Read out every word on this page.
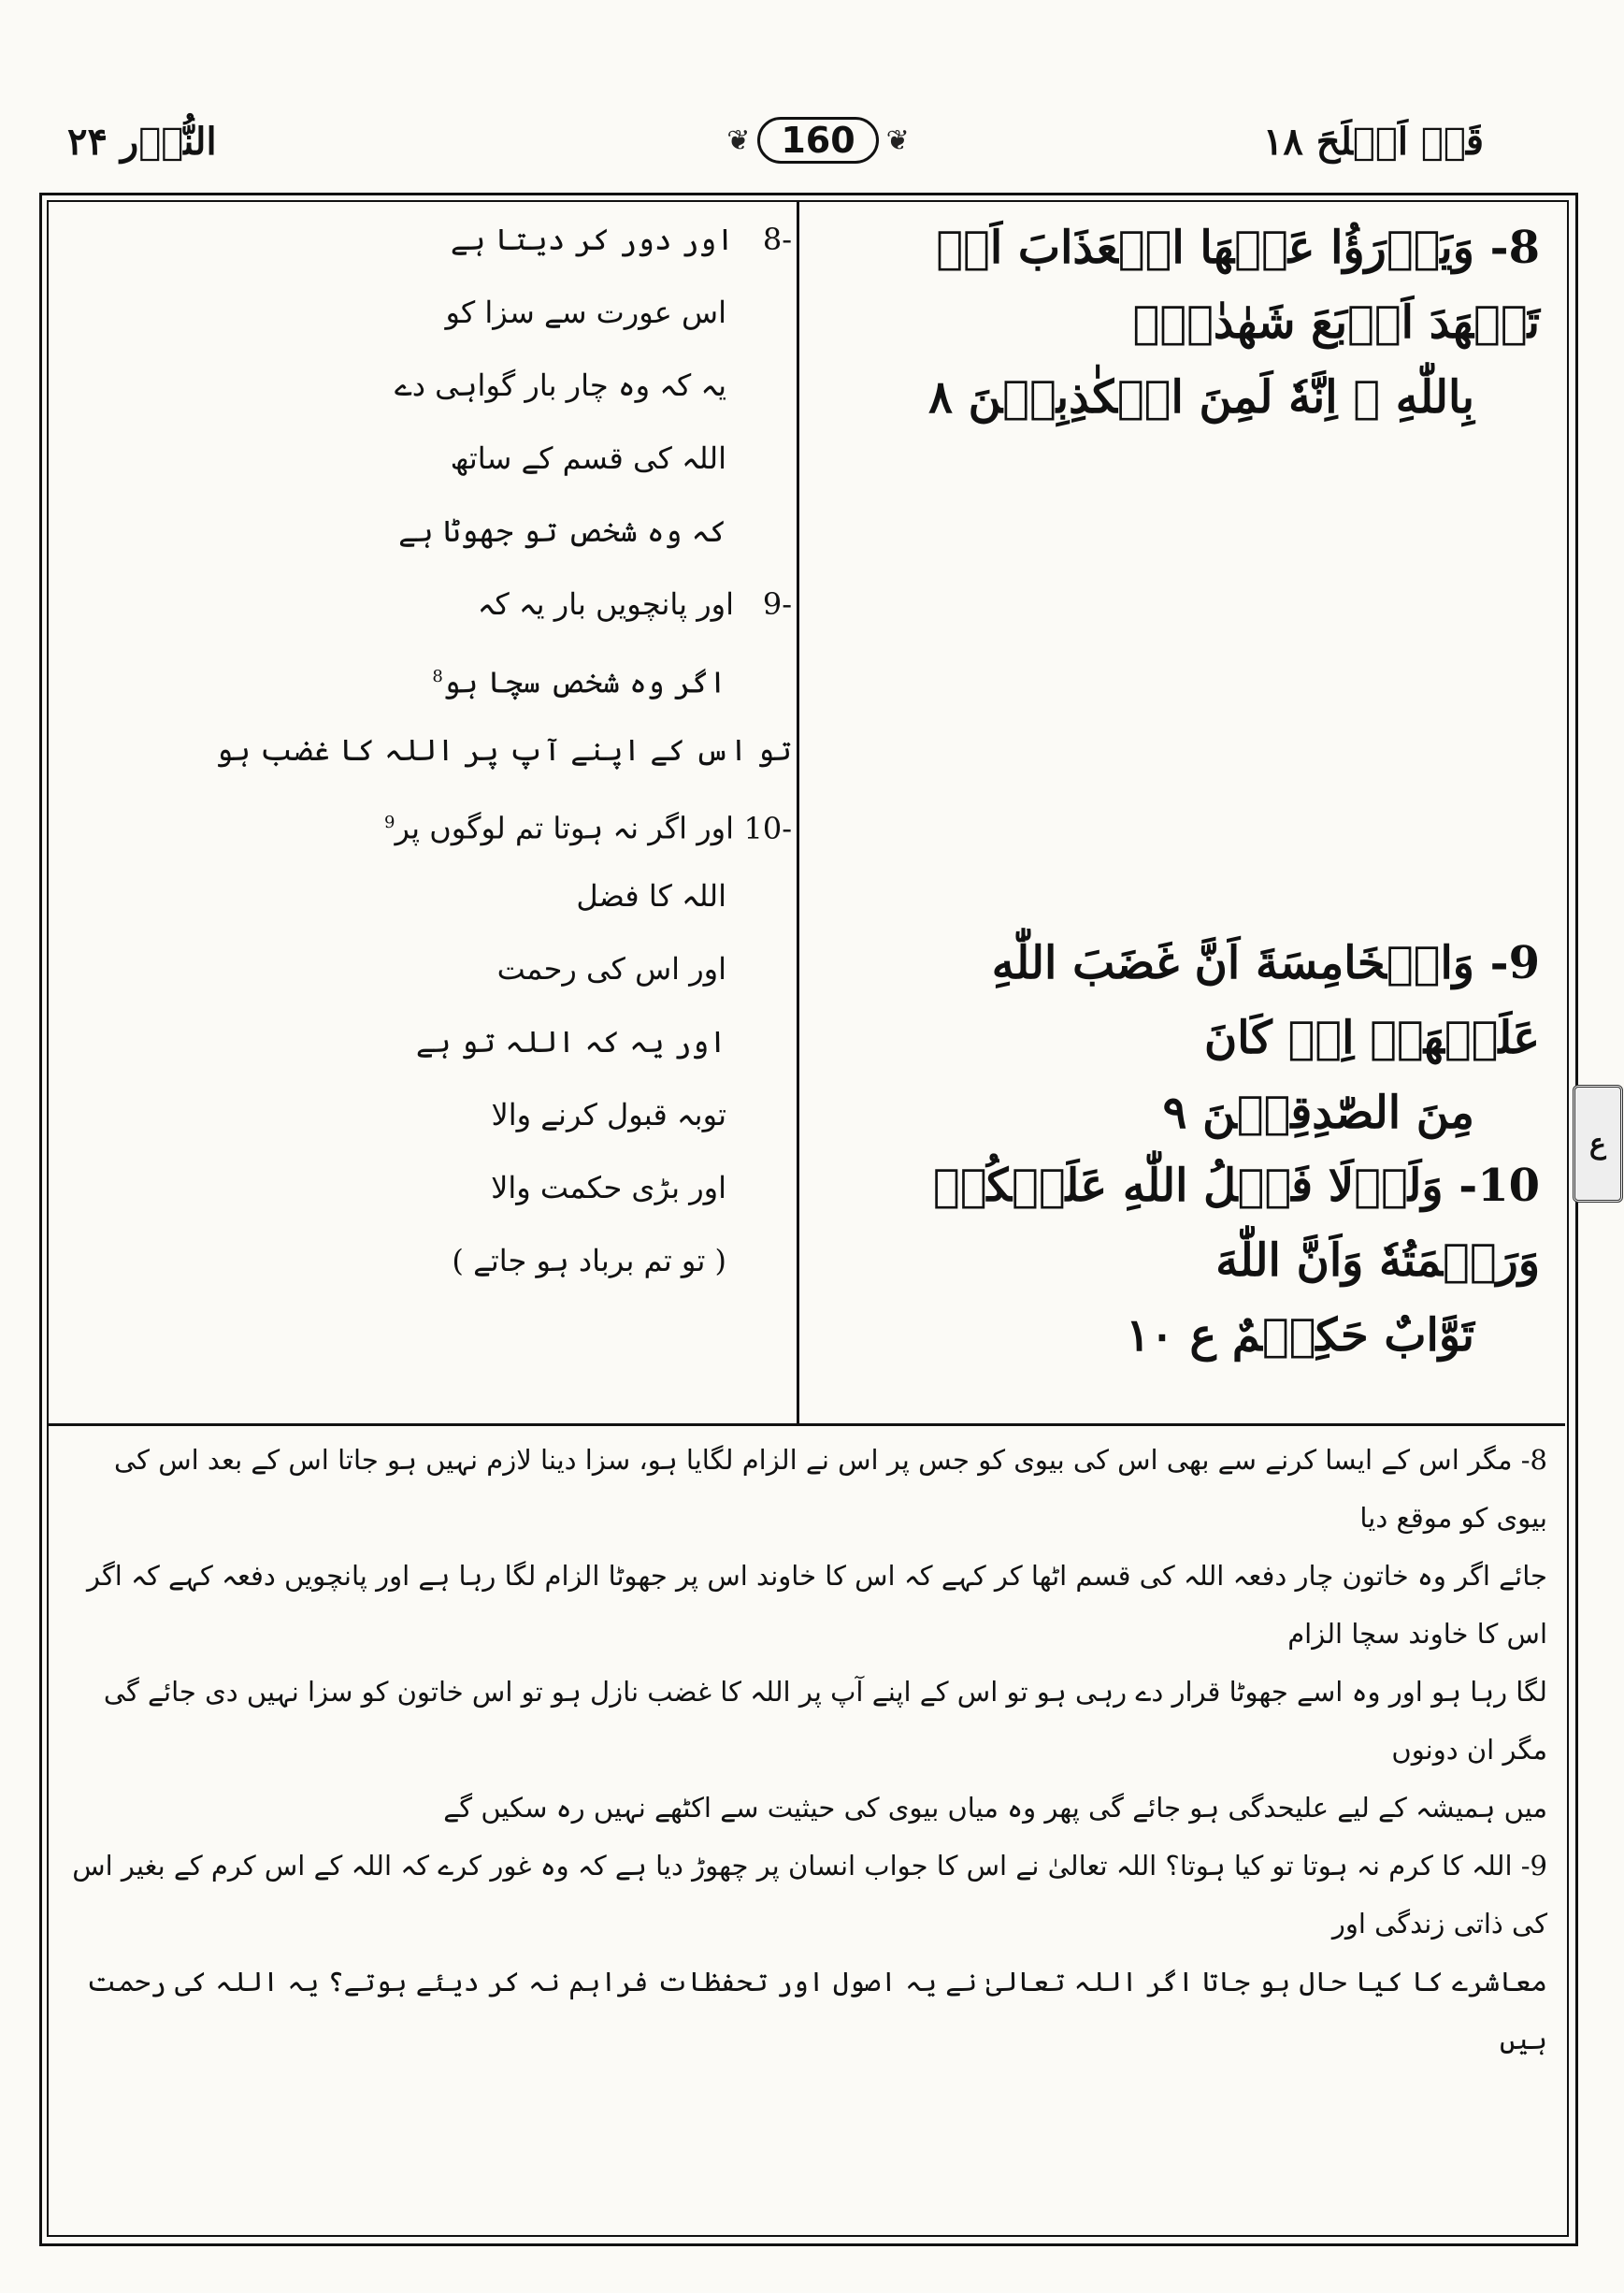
النُّوۡر ۲۴	❦ 160	❦	قَدۡ اَفۡلَحَ ١٨
8- وَيَدۡرَؤُا عَنۡهَا الۡعَذَابَ اَنۡ تَشۡهَدَ اَرۡبَعَ شَهٰدٰتٍۢ
بِاللّٰهِ ۙ اِنَّهٗ لَمِنَ الۡكٰذِبِيۡنَ ۸
9- وَالۡخَامِسَةَ اَنَّ غَضَبَ اللّٰهِ عَلَيۡهَاۤ اِنۡ كَانَ
مِنَ الصّٰدِقِيۡنَ ۹
10- وَلَوۡلَا فَضۡلُ اللّٰهِ عَلَيۡكُمۡ وَرَحۡمَتُهٗ وَاَنَّ اللّٰهَ
تَوَّابٌ حَكِيۡمٌ ع ۱۰
-8اور دور کر دیتا ہے
اس عورت سے سزا کو
یہ کہ وہ چار بار گواہی دے
اللہ کی قسم کے ساتھ
کہ وہ شخص تو جھوٹا ہے
-9اور پانچویں بار یہ کہ
اگر وہ شخص سچا ہو$^8$
تو اس کے اپنے آپ پر اللہ کا غضب ہو
-10اور اگر نہ ہوتا تم لوگوں پر$^9$
اللہ کا فضل
اور اس کی رحمت
اور یہ کہ اللہ تو ہے
توبہ قبول کرنے والا
اور بڑی حکمت والا
( تو تم برباد ہو جاتے )
ع

8- مگر اس کے ایسا کرنے سے بھی اس کی بیوی کو جس پر اس نے الزام لگایا ہو، سزا دینا لازم نہیں ہو جاتا اس کے بعد اس کی بیوی کو موقع دیا

جائے اگر وہ خاتون چار دفعہ اللہ کی قسم اٹھا کر کہے کہ اس کا خاوند اس پر جھوٹا الزام لگا رہا ہے اور پانچویں دفعہ کہے کہ اگر اس کا خاوند سچا الزام

لگا رہا ہو اور وہ اسے جھوٹا قرار دے رہی ہو تو اس کے اپنے آپ پر اللہ کا غضب نازل ہو تو اس خاتون کو سزا نہیں دی جائے گی مگر ان دونوں

میں ہمیشہ کے لیے علیحدگی ہو جائے گی پھر وہ میاں بیوی کی حیثیت سے اکٹھے نہیں رہ سکیں گے

9- اللہ کا کرم نہ ہوتا تو کیا ہوتا؟ اللہ تعالیٰ نے اس کا جواب انسان پر چھوڑ دیا ہے کہ وہ غور کرے کہ اللہ کے اس کرم کے بغیر اس کی ذاتی زندگی اور

معاشرے کا کیا حال ہو جاتا اگر اللہ تعالیٰ نے یہ اصول اور تحفظات فراہم نہ کر دیئے ہوتے؟ یہ اللہ کی رحمت ہیں
